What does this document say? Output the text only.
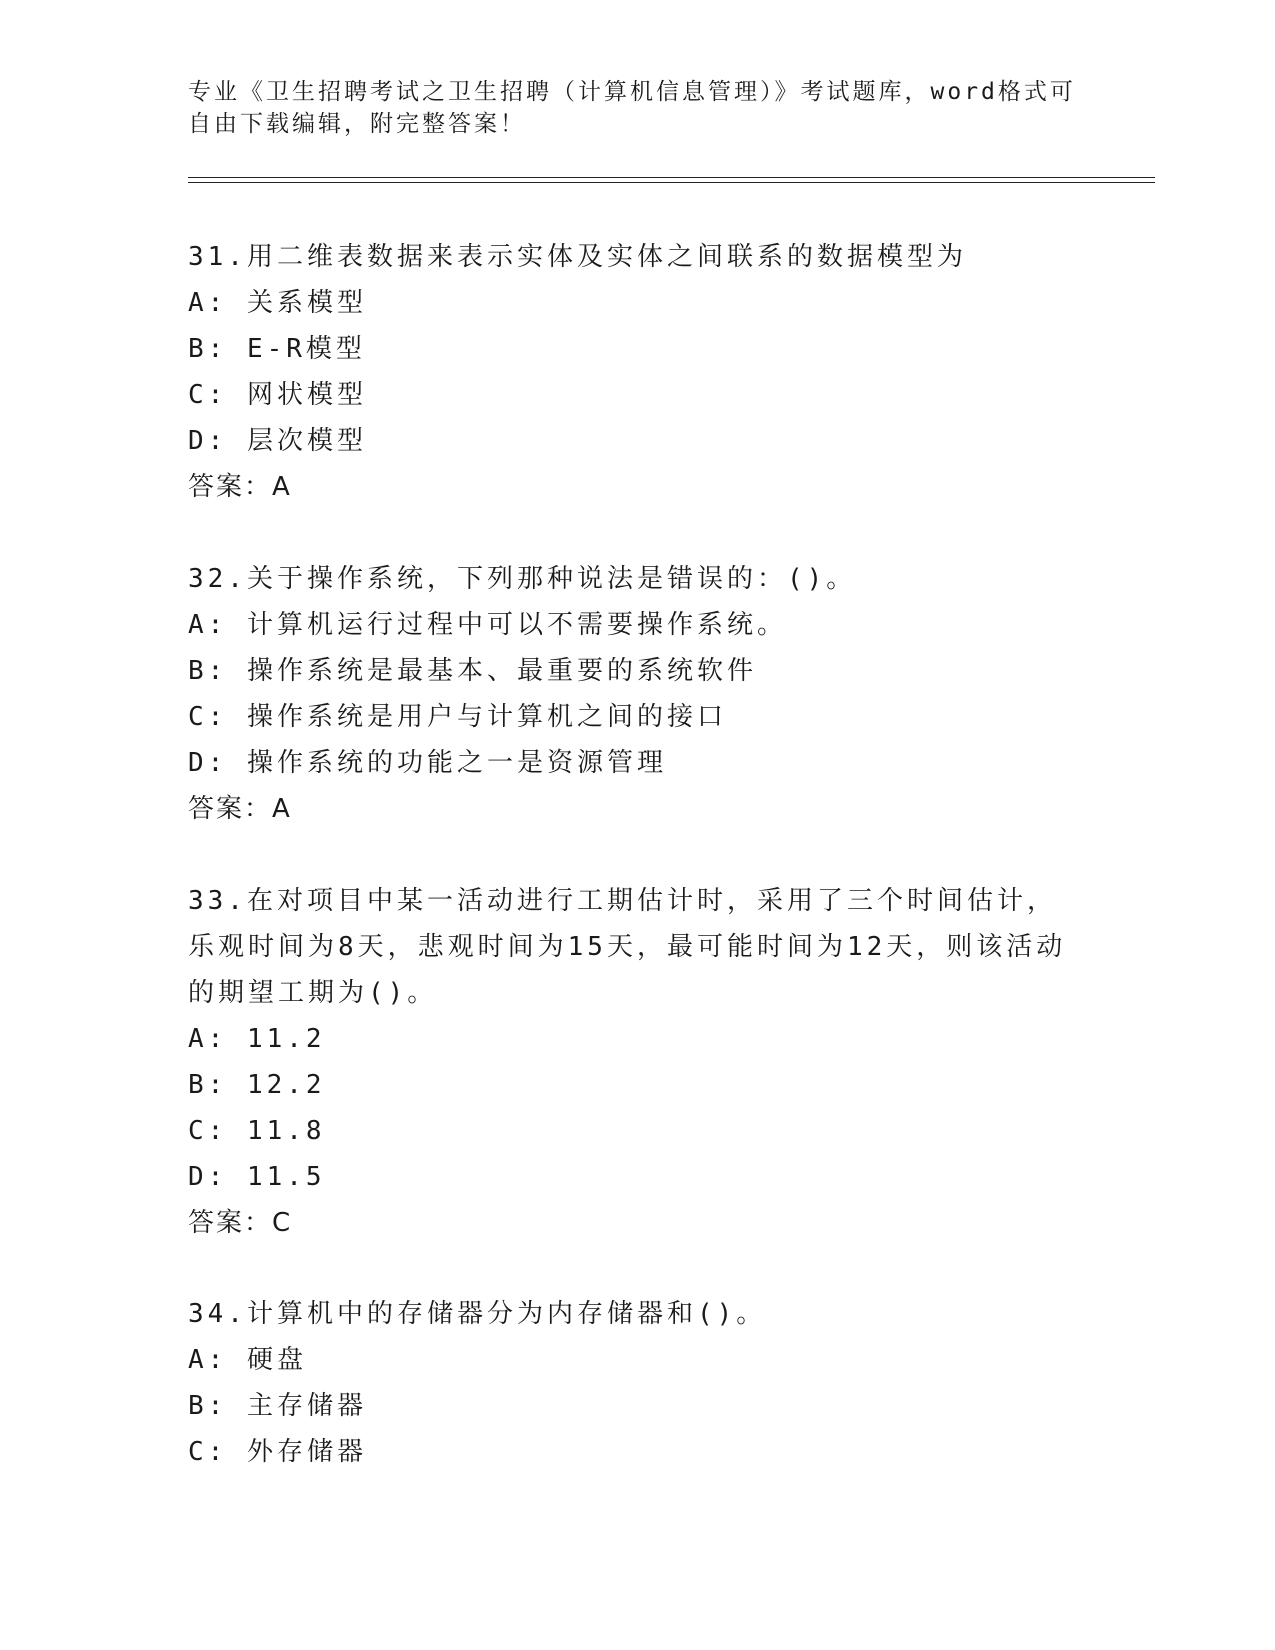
专业《卫生招聘考试之卫生招聘（计算机信息管理）》考试题库，word格式可自由下载编辑，附完整答案！
31.用二维表数据来表示实体及实体之间联系的数据模型为
A: 关系模型
B: E-R模型
C: 网状模型
D: 层次模型
答案：A
32.关于操作系统，下列那种说法是错误的：()。
A: 计算机运行过程中可以不需要操作系统。
B: 操作系统是最基本、最重要的系统软件
C: 操作系统是用户与计算机之间的接口
D: 操作系统的功能之一是资源管理
答案：A
33.在对项目中某一活动进行工期估计时，采用了三个时间估计，乐观时间为8天，悲观时间为15天，最可能时间为12天，则该活动的期望工期为()。
A: 11.2
B: 12.2
C: 11.8
D: 11.5
答案：C
34.计算机中的存储器分为内存储器和()。
A: 硬盘
B: 主存储器
C: 外存储器
